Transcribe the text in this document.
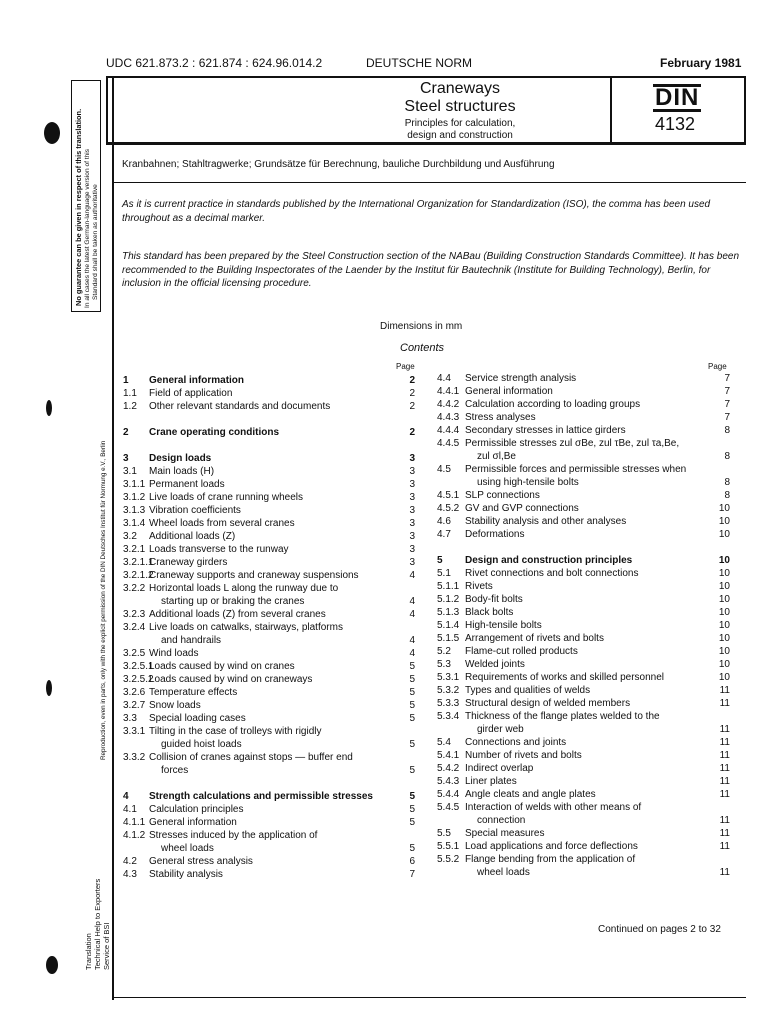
No guarantee can be given in respect of this translation. In all cases the latest German-language version of this Standard shall be taken as authoritative
Reproduction, even in parts, only with the explicit permission of the DIN Deutsches Institut für Normung e.V., Berlin
Translation Technical Help to Exporters Service of BSI
UDC 621.873.2 : 621.874 : 624.96.014.2	DEUTSCHE NORM	February 1981
Craneways
Steel structures
Principles for calculation,
design and construction
DIN
4132
Kranbahnen; Stahltragwerke; Grundsätze für Berechnung, bauliche Durchbildung und Ausführung
As it is current practice in standards published by the International Organization for Standardization (ISO), the comma has been used throughout as a decimal marker.
This standard has been prepared by the Steel Construction section of the NABau (Building Construction Standards Committee). It has been recommended to the Building Inspectorates of the Laender by the Institut für Bautechnik (Institute for Building Technology), Berlin, for inclusion in the official licensing procedure.
Dimensions in mm
Contents
Page	Page
1 General information	2
1.1 Field of application	2
1.2 Other relevant standards and documents	2
2 Crane operating conditions	2
3 Design loads	3
3.1 Main loads (H)	3
3.1.1 Permanent loads	3
3.1.2 Live loads of crane running wheels	3
3.1.3 Vibration coefficients	3
3.1.4 Wheel loads from several cranes	3
3.2 Additional loads (Z)	3
3.2.1 Loads transverse to the runway	3
3.2.1.1
Craneway girders	3
3.2.1.2
Craneway supports and craneway suspensions	4
3.2.2 Horizontal loads L along the runway due to
starting up or braking the cranes	4
3.2.3 Additional loads (Z) from several cranes	4
3.2.4 Live loads on catwalks, stairways, platforms
and handrails	4
3.2.5 Wind loads	4
3.2.5.1
Loads caused by wind on cranes	5
3.2.5.2
Loads caused by wind on craneways	5
3.2.6 Temperature effects	5
3.2.7 Snow loads	5
3.3 Special loading cases	5
3.3.1 Tilting in the case of trolleys with rigidly
guided hoist loads	5
3.3.2 Collision of cranes against stops — buffer end
forces	5
4 Strength calculations and permissible stresses	5
4.1 Calculation principles	5
4.1.1 General information	5
4.1.2 Stresses induced by the application of
wheel loads	5
4.2 General stress analysis	6
4.3 Stability analysis	7
4.4 Service strength analysis	7
4.4.1 General information	7
4.4.2 Calculation according to loading groups	7
4.4.3 Stress analyses	7
4.4.4 Secondary stresses in lattice girders	8
4.4.5 Permissible stresses zul σBe, zul τBe, zul τa,Be,
zul σl,Be	8
4.5 Permissible forces and permissible stresses when
using high-tensile bolts	8
4.5.1 SLP connections	8
4.5.2 GV and GVP connections	10
4.6 Stability analysis and other analyses	10
4.7 Deformations	10
5 Design and construction principles	10
5.1 Rivet connections and bolt connections	10
5.1.1 Rivets	10
5.1.2 Body-fit bolts	10
5.1.3 Black bolts	10
5.1.4 High-tensile bolts	10
5.1.5 Arrangement of rivets and bolts	10
5.2 Flame-cut rolled products	10
5.3 Welded joints	10
5.3.1 Requirements of works and skilled personnel	10
5.3.2 Types and qualities of welds	11
5.3.3 Structural design of welded members	11
5.3.4 Thickness of the flange plates welded to the
girder web	11
5.4 Connections and joints	11
5.4.1 Number of rivets and bolts	11
5.4.2 Indirect overlap	11
5.4.3 Liner plates	11
5.4.4 Angle cleats and angle plates	11
5.4.5 Interaction of welds with other means of
connection	11
5.5 Special measures	11
5.5.1 Load applications and force deflections	11
5.5.2 Flange bending from the application of
wheel loads	11
Continued on pages 2 to 32
